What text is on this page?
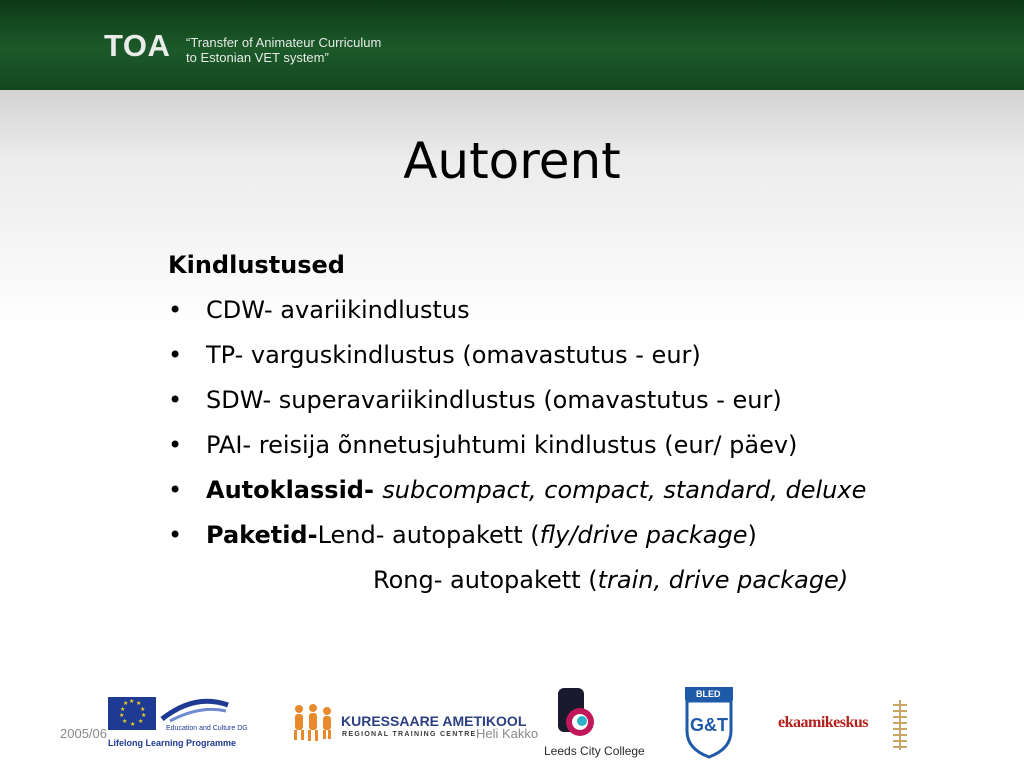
TOA “Transfer of Animateur Curriculum
to Estonian VET system”
Autorent
Kindlustused
• CDW- avariikindlustus
• TP- varguskindlustus (omavastutus - eur)
• SDW- superavariikindlustus (omavastutus - eur)
• PAI- reisija õnnetusjuhtumi kindlustus (eur/ päev)
• Autoklassid- subcompact, compact, standard, deluxe
• Paketid-Lend- autopakett (fly/drive package)
Rong- autopakett (train, drive package)
★ ★
★
★
★
★
★
★
★
★
Education and Culture DG
Lifelong Learning Programme
2005/06
KURESSAARE AMETIKOOL
REGIONAL TRAINING CENTRE Heli Kakko
Leeds City College
G&T
BLED
ekaamikeskus
